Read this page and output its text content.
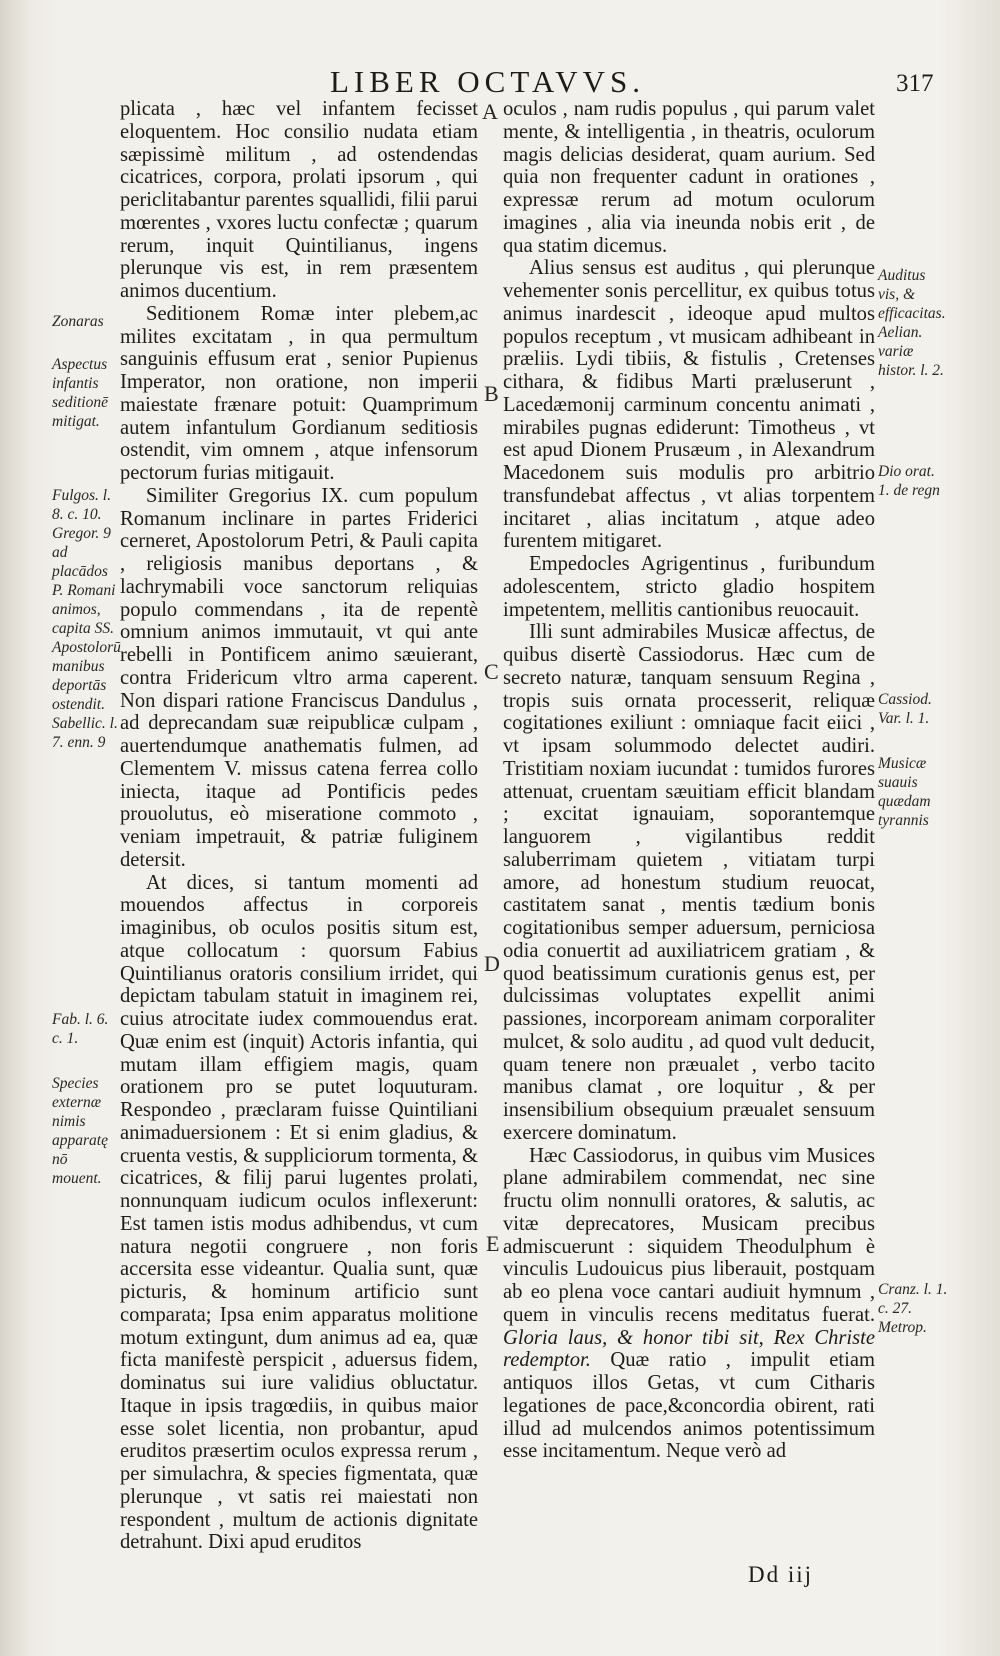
LIBER OCTAVVS.	317
Zonaras
Aspectus infantis seditionē mitigat.
Fulgos. l. 8. c. 10. Gregor. 9 ad placādos P. Romani animos, capita SS. Apostolorū manibus deportās ostendit. Sabellic. l. 7. enn. 9
Fab. l. 6. c. 1.
Species externæ nimis apparatę nō mouent.
Auditus vis, & efficacitas. Aelian. variæ histor. l. 2.
Dio orat. 1. de regn
Cassiod. Var. l. 1.
Musicæ suauis quædam tyrannis
Cranz. l. 1. c. 27. Metrop.
A
B
C
D
E

plicata , hæc vel infantem fecisset eloquentem. Hoc consilio nudata etiam sæpissimè militum , ad ostendendas cicatrices, corpora, prolati ipsorum , qui periclitabantur parentes squallidi, filii parui mœrentes , vxores luctu confectæ ; quarum rerum, inquit Quintilianus, ingens plerunque vis est, in rem præsentem animos ducentium.

Seditionem Romæ inter plebem,ac milites excitatam , in qua permultum sanguinis effusum erat , senior Pupienus Imperator, non oratione, non imperii maiestate frænare potuit: Quamprimum autem infantulum Gordianum seditiosis ostendit, vim omnem , atque infensorum pectorum furias mitigauit.

Similiter Gregorius IX. cum populum Romanum inclinare in partes Friderici cerneret, Apostolorum Petri, & Pauli capita , religiosis manibus deportans , & lachrymabili voce sanctorum reliquias populo commendans , ita de repentè omnium animos immutauit, vt qui ante rebelli in Pontificem animo sæuierant, contra Fridericum vltro arma caperent. Non dispari ratione Franciscus Dandulus , ad deprecandam suæ reipublicæ culpam , auertendumque anathematis fulmen, ad Clementem V. missus catena ferrea collo iniecta, itaque ad Pontificis pedes prouolutus, eò miseratione commoto , veniam impetrauit, & patriæ fuliginem detersit.

At dices, si tantum momenti ad mouendos affectus in corporeis imaginibus, ob oculos positis situm est, atque collocatum : quorsum Fabius Quintilianus oratoris consilium irridet, qui depictam tabulam statuit in imaginem rei, cuius atrocitate iudex commouendus erat. Quæ enim est (inquit) Actoris infantia, qui mutam illam effigiem magis, quam orationem pro se putet loquuturam. Respondeo , præclaram fuisse Quintiliani animaduersionem : Et si enim gladius, & cruenta vestis, & suppliciorum tormenta, & cicatrices, & filij parui lugentes prolati, nonnunquam iudicum oculos inflexerunt: Est tamen istis modus adhibendus, vt cum natura negotii congruere , non foris accersita esse videantur. Qualia sunt, quæ picturis, & hominum artificio sunt comparata; Ipsa enim apparatus molitione motum extingunt, dum animus ad ea, quæ ficta manifestè perspicit , aduersus fidem, dominatus sui iure validius obluctatur. Itaque in ipsis tragœdiis, in quibus maior esse solet licentia, non probantur, apud eruditos præsertim oculos expressa rerum , per simulachra, & species figmentata, quæ plerunque , vt satis rei maiestati non respondent , multum de actionis dignitate detrahunt. Dixi apud eruditos

oculos , nam rudis populus , qui parum valet mente, & intelligentia , in theatris, oculorum magis delicias desiderat, quam aurium. Sed quia non frequenter cadunt in orationes , expressæ rerum ad motum oculorum imagines , alia via ineunda nobis erit , de qua statim dicemus.

Alius sensus est auditus , qui plerunque vehementer sonis percellitur, ex quibus totus animus inardescit , ideoque apud multos populos receptum , vt musicam adhibeant in præliis. Lydi tibiis, & fistulis , Cretenses cithara, & fidibus Marti præluserunt , Lacedæmonij carminum concentu animati , mirabiles pugnas ediderunt: Timotheus , vt est apud Dionem Prusæum , in Alexandrum Macedonem suis modulis pro arbitrio transfundebat affectus , vt alias torpentem incitaret , alias incitatum , atque adeo furentem mitigaret.

Empedocles Agrigentinus , furibundum adolescentem, stricto gladio hospitem impetentem, mellitis cantionibus reuocauit.

Illi sunt admirabiles Musicæ affectus, de quibus disertè Cassiodorus. Hæc cum de secreto naturæ, tanquam sensuum Regina , tropis suis ornata processerit, reliquæ cogitationes exiliunt : omniaque facit eiici , vt ipsam solummodo delectet audiri. Tristitiam noxiam iucundat : tumidos furores attenuat, cruentam sæuitiam efficit blandam ; excitat ignauiam, soporantemque languorem , vigilantibus reddit saluberrimam quietem , vitiatam turpi amore, ad honestum studium reuocat, castitatem sanat , mentis tædium bonis cogitationibus semper aduersum, perniciosa odia conuertit ad auxiliatricem gratiam , & quod beatissimum curationis genus est, per dulcissimas voluptates expellit animi passiones, incorpoream animam corporaliter mulcet, & solo auditu , ad quod vult deducit, quam tenere non præualet , verbo tacito manibus clamat , ore loquitur , & per insensibilium obsequium præualet sensuum exercere dominatum.

Hæc Cassiodorus, in quibus vim Musices plane admirabilem commendat, nec sine fructu olim nonnulli oratores, & salutis, ac vitæ deprecatores, Musicam precibus admiscuerunt : siquidem Theodulphum è vinculis Ludouicus pius liberauit, postquam ab eo plena voce cantari audiuit hymnum , quem in vinculis recens meditatus fuerat. Gloria laus, & honor tibi sit, Rex Christe redemptor. Quæ ratio , impulit etiam antiquos illos Getas, vt cum Citharis legationes de pace,&concordia obirent, rati illud ad mulcendos animos potentissimum esse incitamentum. Neque verò ad

Dd iij
